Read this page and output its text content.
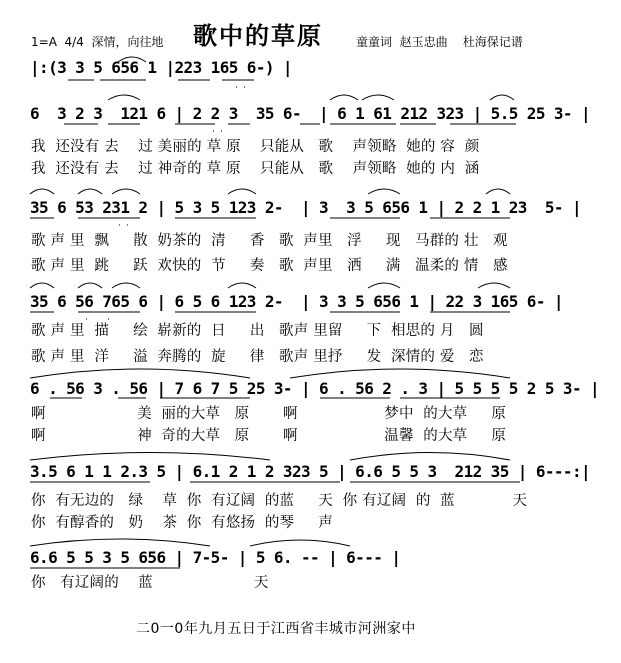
1=A  4/4  深情，向往地 歌中的草原	童童词  赵玉忠曲    杜海保记谱
|:(3 3 5 656 1 |223 165 6-) |
6  3 2 3  121 6 | 2 2 3  35 6-  | 6 1 61 212 323 | 5.5 25 3- |
我  还没有 去    过 美丽的 草 原    只能从   歌    声领略  她的 容  颜
我  还没有 去    过 神奇的 草 原    只能从   歌    声领略  她的 内  涵
35 6 53 231 2 | 5 3 5 123 2-  | 3  3 5 656 1 | 2 2 1 23  5- |
歌 声 里  飘     散  奶茶的  清     香   歌  声里   浮     现   马群的 壮   观
歌 声 里  跳     跃  欢快的  节     奏   歌  声里   洒     满   温柔的 情   感
35 6 56 765 6 | 6 5 6 123 2-  | 3 3 5 656 1 | 22 3 165 6- |
歌 声 里  描     绘  崭新的  日     出   歌声 里留     下  相思的 月   圆
歌 声 里  洋     溢  奔腾的  旋     律   歌声 里抒     发  深情的 爱   恋
6 . 56 3 . 56 | 7 6 7 5 25 3- | 6 . 56 2 . 3 | 5 5 5 5 2 5 3- |
啊                   美  丽的大草   原       啊                  梦中  的大草     原
啊                   神  奇的大草   原       啊                  温馨  的大草     原
3.5 6 1 1 2.3 5 | 6.1 2 1 2 323 5 | 6.6 5 5 3  212 35 | 6---:|
你  有无边的   绿    草  你  有辽阔  的蓝     天  你 有辽阔  的  蓝            天
你  有醇香的   奶    茶  你  有悠扬  的琴     声
6.6 5 5 3 5 656 | 7-5- | 5 6. -- | 6--- |
你   有辽阔的    蓝                     天
二0一0年九月五日于江西省丰城市河洲家中
